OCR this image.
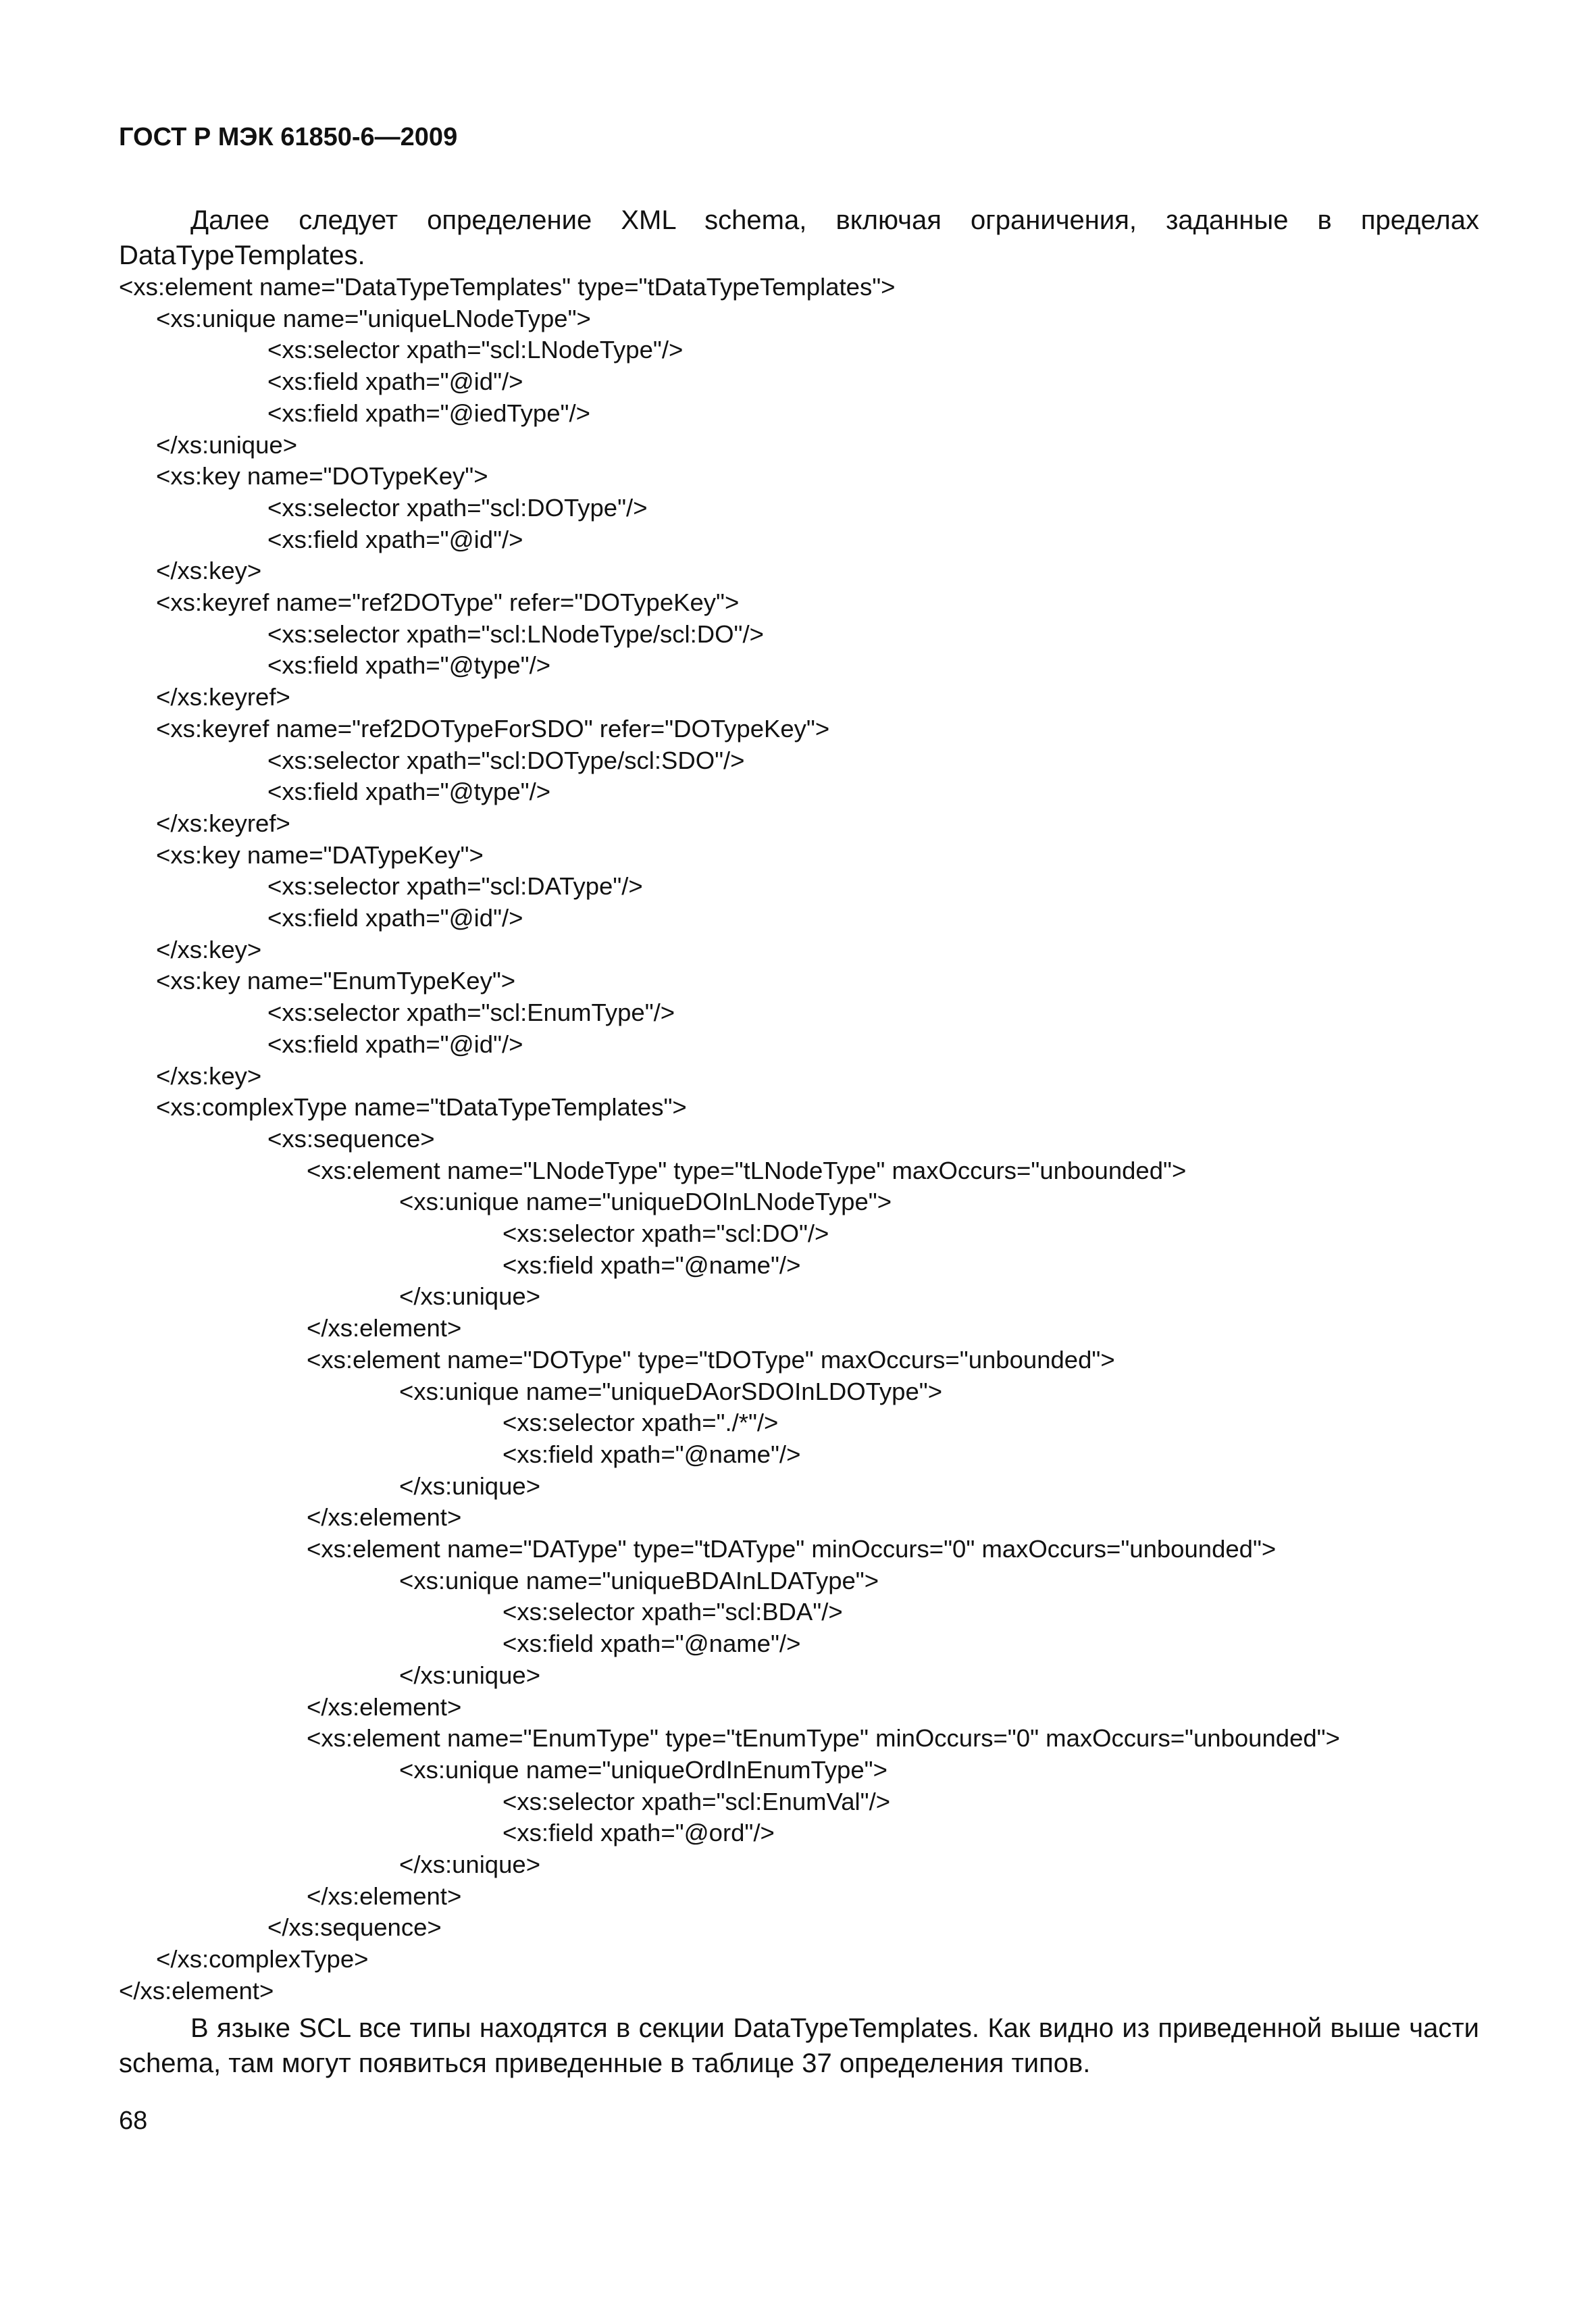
ГОСТ Р МЭК 61850-6—2009
Далее следует определение XML schema, включая ограничения, заданные в пределах DataTypeTemplates.
<xs:element name="DataTypeTemplates" type="tDataTypeTemplates">
<xs:unique name="uniqueLNodeType">
<xs:selector xpath="scl:LNodeType"/>
<xs:field xpath="@id"/>
<xs:field xpath="@iedType"/>
</xs:unique>
<xs:key name="DOTypeKey">
<xs:selector xpath="scl:DOType"/>
<xs:field xpath="@id"/>
</xs:key>
<xs:keyref name="ref2DOType" refer="DOTypeKey">
<xs:selector xpath="scl:LNodeType/scl:DO"/>
<xs:field xpath="@type"/>
</xs:keyref>
<xs:keyref name="ref2DOTypeForSDO" refer="DOTypeKey">
<xs:selector xpath="scl:DOType/scl:SDO"/>
<xs:field xpath="@type"/>
</xs:keyref>
<xs:key name="DATypeKey">
<xs:selector xpath="scl:DAType"/>
<xs:field xpath="@id"/>
</xs:key>
<xs:key name="EnumTypeKey">
<xs:selector xpath="scl:EnumType"/>
<xs:field xpath="@id"/>
</xs:key>
<xs:complexType name="tDataTypeTemplates">
<xs:sequence>
<xs:element name="LNodeType" type="tLNodeType" maxOccurs="unbounded">
<xs:unique name="uniqueDOInLNodeType">
<xs:selector xpath="scl:DO"/>
<xs:field xpath="@name"/>
</xs:unique>
</xs:element>
<xs:element name="DOType" type="tDOType" maxOccurs="unbounded">
<xs:unique name="uniqueDAorSDOInLDOType">
<xs:selector xpath="./*"/>
<xs:field xpath="@name"/>
</xs:unique>
</xs:element>
<xs:element name="DAType" type="tDAType" minOccurs="0" maxOccurs="unbounded">
<xs:unique name="uniqueBDAInLDAType">
<xs:selector xpath="scl:BDA"/>
<xs:field xpath="@name"/>
</xs:unique>
</xs:element>
<xs:element name="EnumType" type="tEnumType" minOccurs="0" maxOccurs="unbounded">
<xs:unique name="uniqueOrdInEnumType">
<xs:selector xpath="scl:EnumVal"/>
<xs:field xpath="@ord"/>
</xs:unique>
</xs:element>
</xs:sequence>
</xs:complexType>
</xs:element>
В языке SCL все типы находятся в секции DataTypeTemplates. Как видно из приведенной выше части schema, там могут появиться приведенные в таблице 37 определения типов.
68
